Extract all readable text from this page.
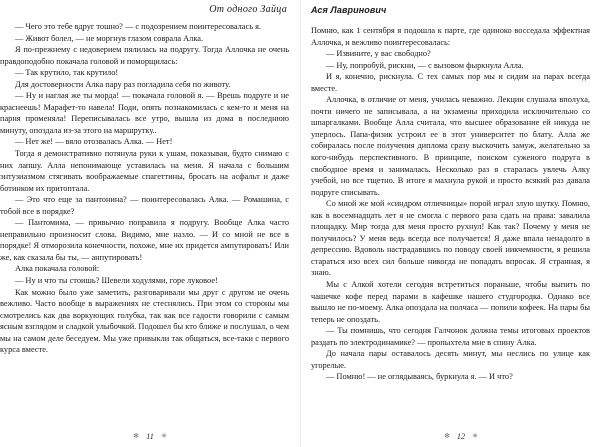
От одного Зайца

— Чего это тебе вдруг тошно? — с подозрением поинтересовалась я.

— Живот болел, — не моргнув глазом соврала Алка.

Я по-прежнему с недоверием пялилась на подругу. Тогда Аллочка не очень правдоподобно покачала головой и поморщилась:

— Так крутило, так крутило!

Для достоверности Алка пару раз погладила себя по животу.

— Ну и наглая же ты морда! — покачала головой я. — Врешь подруге и не краснеешь! Марафет-то навела! Поди, опять познакомилась с кем-то и меня на парня променяла! Переписывалась все утро, вышла из дома в последнюю минуту, опоздала из-за этого на маршрутку..

— Нет же! — вяло отозвалась Алка. — Нет!

Тогда я демонстративно потянула руки к ушам, показывая, будто снимаю с них лапшу. Алла непонимающе уставилась на меня. Я начала с большим энтузиазмом стягивать воображаемые спагеттины, бросать на асфальт и даже ботинком их притоптала.

— Это что еще за пантонина? — поинтересовалась Алка. — Ромашина, с тобой все в порядке?

— Пантомима, — привычно поправила я подругу. Вообще Алка часто неправильно произносит слова. Видимо, мне назло. — И со мной не все в порядке! Я отморозила конечности, похоже, мне их придется ампутировать! Или же, как сказала бы ты, — анпутировать!

Алка покачала головой:

— Ну и что ты стоишь? Шевели ходулями, горе луковое!

Как можно было уже заметить, разговаривали мы друг с другом не очень вежливо. Часто вообще в выражениях не стеснялись. При этом со стороны мы смотрелись как два воркующих голубка, так как все гадости говорили с самым ясным взглядом и сладкой улыбочкой. Подошел бы кто ближе и послушал, о чем мы на самом деле беседуем. Мы уже привыкли так общаться, все-таки с первого курса вместе.

✻ 11 ✳
Ася Лавринович

Помню, как 1 сентября я подошла к парте, где одиноко восседала эффектная Аллочка, и вежливо поинтересовалась:

— Извините, у вас свободно?

— Ну, попробуй, рискни, — с вызовом фыркнула Алла.

И я, конечно, рискнула. С тех самых пор мы и сидим на парах всегда вместе.

Аллочка, в отличие от меня, училась неважно. Лекции слушала вполуха, почти ничего не записывала, а на экзамены приходила исключительно со шпаргалками. Вообще Алла считала, что высшее образование ей никуда не уперлось. Папа-физик устроил ее в этот университет по блату. Алла же собиралась после получения диплома сразу выскочить замуж, желательно за кого-нибудь перспективного. В принципе, поиском суженого подруга в свободное время и занималась. Несколько раз я старалась увлечь Алку учебой, но все тщетно. В итоге я махнула рукой и просто всякий раз давала подруге списывать.

Со мной же мой «синдром отличницы» порой играл злую шутку. Помню, как в восемнадцать лет я не смогла с первого раза сдать на права: завалила площадку. Мир тогда для меня просто рухнул! Как так? Почему у меня не получилось? У меня ведь всегда все получается! Я даже впала ненадолго в депрессию. Вдоволь настрадавшись по поводу своей никчемности, я решила стараться изо всех сил больше никогда не попадать впросак. Я странная, я знаю.

Мы с Алкой хотели сегодня встретиться пораньше, чтобы выпить по чашечке кофе перед парами в кафешке нашего студгородка. Однако все вышло не по-моему. Алка опоздала на полчаса — попили кофеек. На пары бы теперь не опоздать.

— Ты помнишь, что сегодня Галчонок должна темы итоговых проектов раздать по электродинамике? — пропыхтела мне в спину Алка.

До начала пары оставалось десять минут, мы неслись по улице как угорелые.

— Помню! — не оглядываясь, буркнула я. — И что?

✻ 12 ✳
